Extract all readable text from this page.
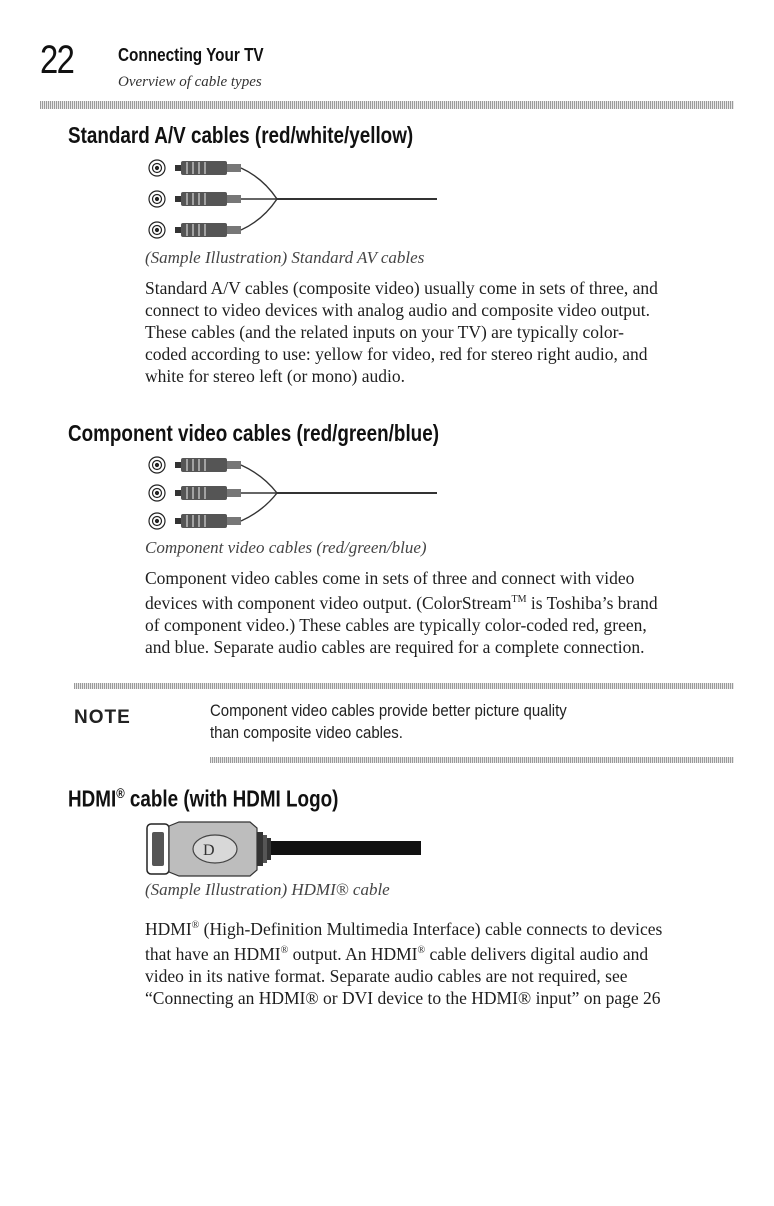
22 Connecting Your TV
Overview of cable types
Standard A/V cables (red/white/yellow)
(Sample Illustration) Standard AV cables
Standard A/V cables (composite video) usually come in sets of three, and connect to video devices with analog audio and composite video output. These cables (and the related inputs on your TV) are typically color-coded according to use: yellow for video, red for stereo right audio, and white for stereo left (or mono) audio.
Component video cables (red/green/blue)
Component video cables (red/green/blue)
Component video cables come in sets of three and connect with video devices with component video output. (ColorStream™ is Toshiba’s brand of component video.) These cables are typically color-coded red, green, and blue. Separate audio cables are required for a complete connection.
NOTE	Component video cables provide better picture quality than composite video cables.
HDMI® cable (with HDMI Logo)
D
(Sample Illustration) HDMI® cable
HDMI® (High-Definition Multimedia Interface) cable connects to devices that have an HDMI® output. An HDMI® cable delivers digital audio and video in its native format. Separate audio cables are not required, see “Connecting an HDMI® or DVI device to the HDMI® input” on page 26
